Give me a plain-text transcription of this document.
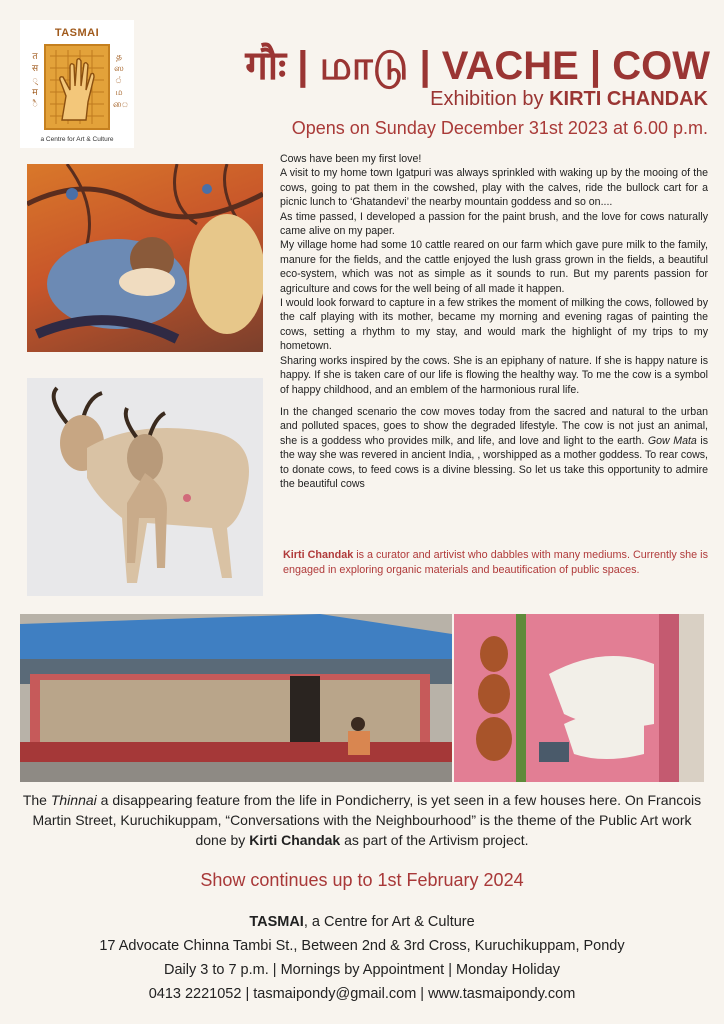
TASMAI
त
स
्
म
ै
த
ஸ
்
ம
ை
a Centre for Art & Culture
गौः | மாடு | VACHE | COW
Exhibition by KIRTI CHANDAK
Opens on Sunday December 31st 2023 at 6.00 p.m.

Cows have been my first love!

A visit to my home town Igatpuri was always sprinkled with waking up by the mooing of the cows, going to pat them in the cowshed, play with the calves, ride the bullock cart for a picnic lunch to ‘Ghatandevi’ the nearby mountain goddess and so on....

As time passed, I developed a passion for the paint brush, and the love for cows naturally came alive on my paper.

My village home had some 10 cattle reared on our farm which gave pure milk to the family, manure for the fields, and the cattle enjoyed the lush grass grown in the fields, a beautiful eco-system, which was not as simple as it sounds to run. But my parents passion for agriculture and cows for the well being of all made it happen.

I would look forward to capture in a few strikes the moment of milking the cows, followed by the calf playing with its mother, became my morning and evening ragas of painting the cows, setting a rhythm to my stay, and would mark the highlight of my trips to my hometown.

Sharing works inspired by the cows. She is an epiphany of nature. If she is happy nature is happy. If she is taken care of our life is flowing the healthy way. To me the cow is a symbol of happy childhood, and an emblem of the harmonious rural life.

In the changed scenario the cow moves today from the sacred and natural to the urban and polluted spaces, goes to show the degraded lifestyle. The cow is not just an animal, she is a goddess who provides milk, and life, and love and light to the earth. Gow Mata is the way she was revered in ancient India, , worshipped as a mother goddess. To rear cows, to donate cows, to feed cows is a divine blessing. So let us take this opportunity to admire the beautiful cows

Kirti Chandak is a curator and artivist who dabbles with many mediums. Currently she is engaged in exploring organic materials and beautification of public spaces.
The Thinnai a disappearing feature from the life in Pondicherry, is yet seen in a few houses here. On Francois Martin Street, Kuruchikuppam, “Conversations with the Neighbourhood” is the theme of the Public Art work done by Kirti Chandak as part of the Artivism project.
Show continues up to 1st February 2024
TASMAI, a Centre for Art & Culture
17 Advocate Chinna Tambi St., Between 2nd & 3rd Cross, Kuruchikuppam, Pondy
Daily 3 to 7 p.m. | Mornings by Appointment | Monday Holiday
0413 2221052 | tasmaipondy@gmail.com | www.tasmaipondy.com
